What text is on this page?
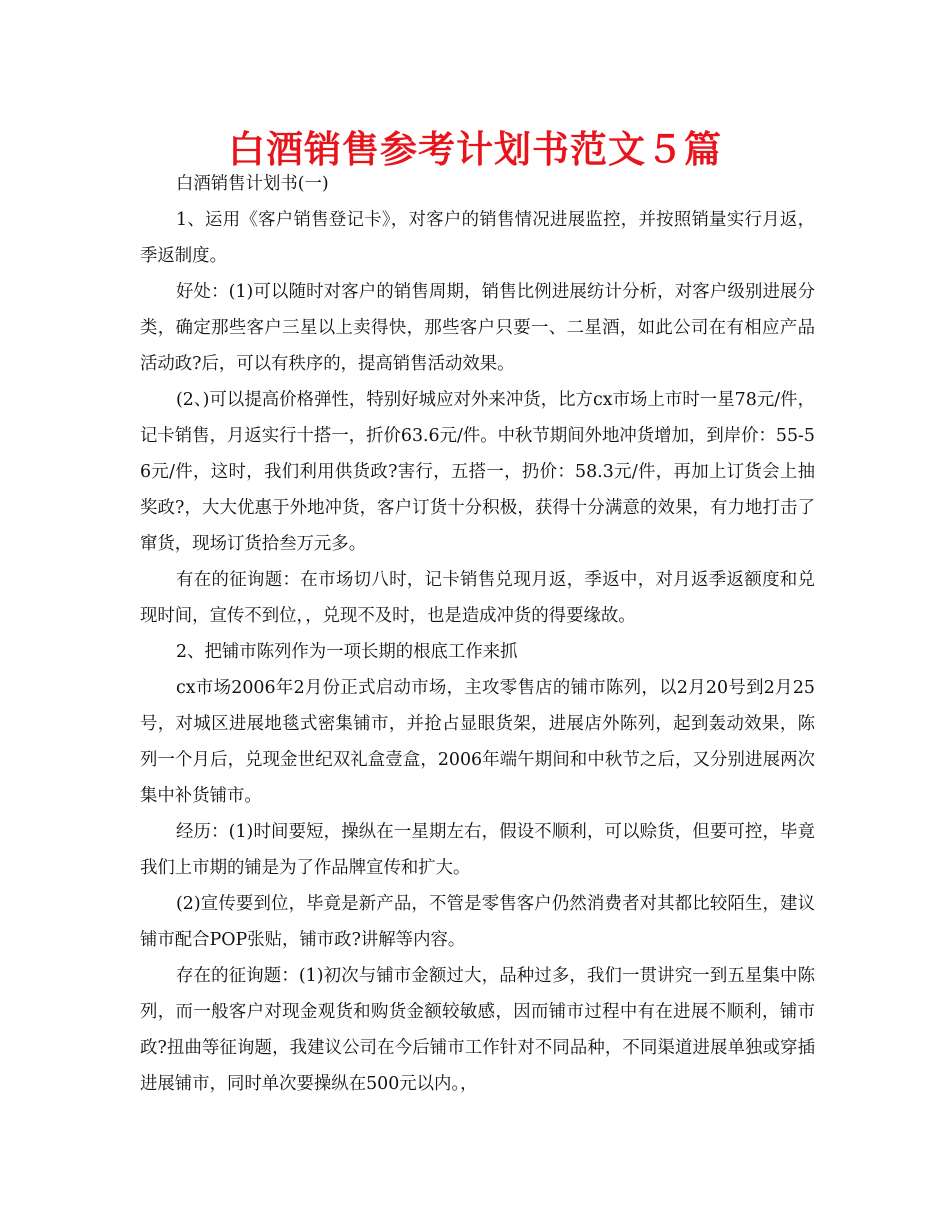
白酒销售参考计划书范文５篇

白酒销售计划书(一)

1、运用《客户销售登记卡》，对客户的销售情况进展监控，并按照销量实行月返，季返制度。

好处：(1)可以随时对客户的销售周期，销售比例进展纺计分析，对客户级别进展分类，确定那些客户三星以上卖得快，那些客户只要一、二星酒，如此公司在有相应产品活动政?后，可以有秩序的，提高销售活动效果。

(2、)可以提高价格弹性，特别好城应对外来冲货，比方cx市场上市时一星78元/件，记卡销售，月返实行十搭一，折价63.6元/件。中秋节期间外地冲货增加，到岸价：55-56元/件，这时，我们利用供货政?害行，五搭一，扔价：58.3元/件，再加上订货会上抽奖政?，大大优惠于外地冲货，客户订货十分积极，获得十分满意的效果，有力地打击了窜货，现场订货拾叁万元多。

有在的征询题：在市场切八时，记卡销售兑现月返，季返中，对月返季返额度和兑现时间，宣传不到位，，兑现不及时，也是造成冲货的得要缘故。

2、把铺市陈列作为一项长期的根底工作来抓

cx市场2006年2月份正式启动市场，主攻零售店的铺市陈列，以2月20号到2月25号，对城区进展地毯式密集铺市，并抢占显眼货架，进展店外陈列，起到轰动效果，陈列一个月后，兑现金世纪双礼盒壹盒，2006年端午期间和中秋节之后，又分别进展两次集中补货铺市。

经历：(1)时间要短，操纵在一星期左右，假设不顺利，可以赊货，但要可控，毕竟我们上市期的铺是为了作品牌宣传和扩大。

(2)宣传要到位，毕竟是新产品，不管是零售客户仍然消费者对其都比较陌生，建议铺市配合POP张贴，铺市政?讲解等内容。

存在的征询题：(1)初次与铺市金额过大，品种过多，我们一贯讲究一到五星集中陈列，而一般客户对现金观货和购货金额较敏感，因而铺市过程中有在进展不顺利，铺市政?扭曲等征询题，我建议公司在今后铺市工作针对不同品种，不同渠道进展单独或穿插进展铺市，同时单次要操纵在500元以内。，
